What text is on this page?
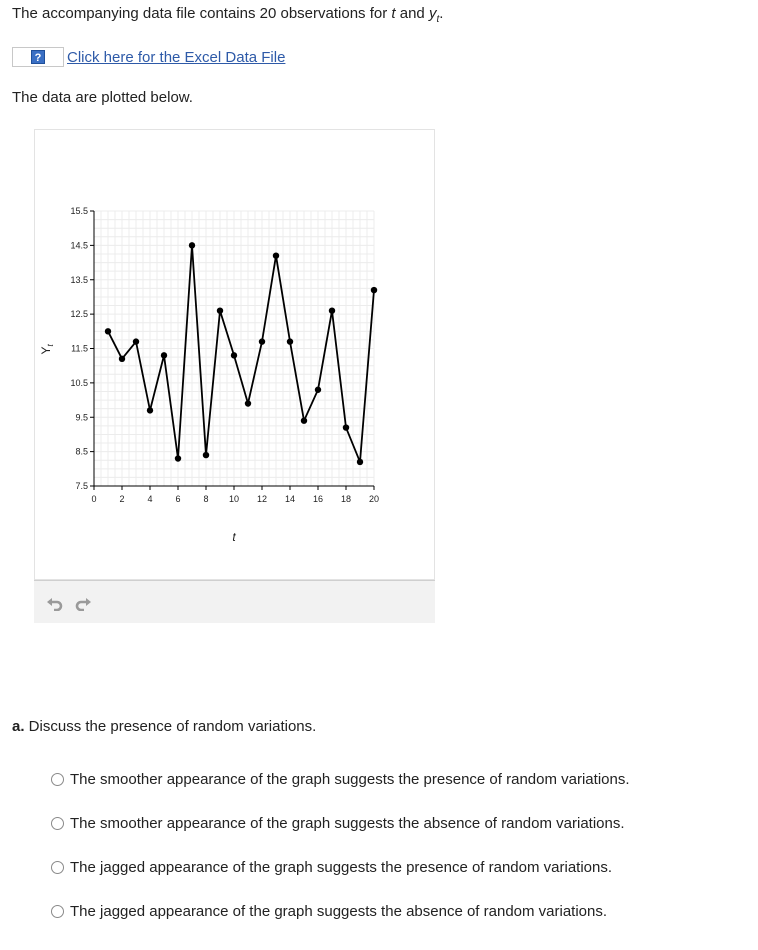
The accompanying data file contains 20 observations for t and $y_t$.
? Click here for the Excel Data File
The data are plotted below.
0	2	4	6	8 10 12 14 16 18 20
15.5
14.5
13.5
12.5
11.5
10.5
9.5
8.5
7.5
t
$Y_t$
a. Discuss the presence of random variations.
The smoother appearance of the graph suggests the presence of random variations.
The smoother appearance of the graph suggests the absence of random variations.
The jagged appearance of the graph suggests the presence of random variations.
The jagged appearance of the graph suggests the absence of random variations.
